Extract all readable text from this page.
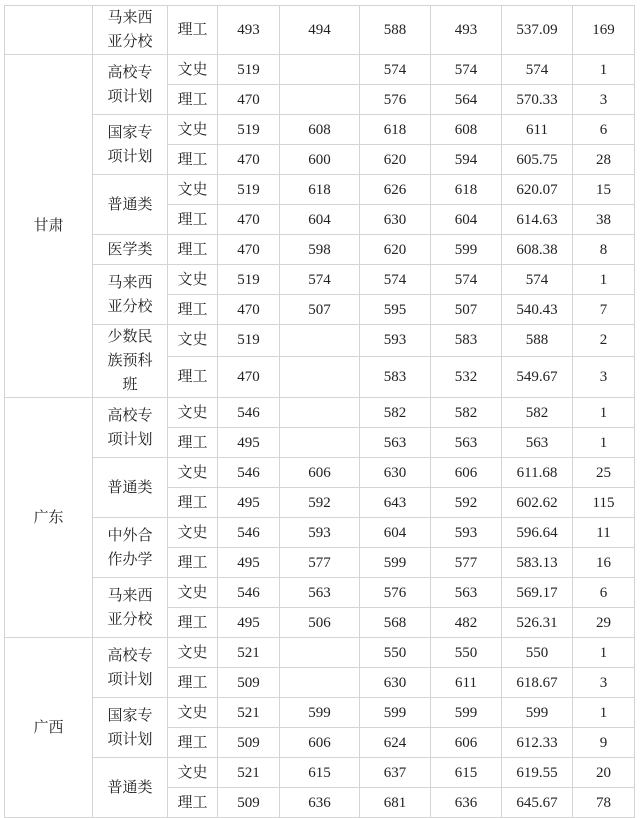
	马来西亚分校	理工	493	494	588	493	537.09	169
甘肃	高校专项计划	文史	519		574	574	574	1
		理工	470		576	564	570.33	3
	国家专项计划	文史	519	608	618	608	611	6
		理工	470	600	620	594	605.75	28
	普通类	文史	519	618	626	618	620.07	15
		理工	470	604	630	604	614.63	38
	医学类	理工	470	598	620	599	608.38	8
	马来西亚分校	文史	519	574	574	574	574	1
		理工	470	507	595	507	540.43	7
	少数民族预科班	文史	519		593	583	588	2
		理工	470		583	532	549.67	3
广东	高校专项计划	文史	546		582	582	582	1
		理工	495		563	563	563	1
	普通类	文史	546	606	630	606	611.68	25
		理工	495	592	643	592	602.62	115
	中外合作办学	文史	546	593	604	593	596.64	11
		理工	495	577	599	577	583.13	16
	马来西亚分校	文史	546	563	576	563	569.17	6
		理工	495	506	568	482	526.31	29
广西	高校专项计划	文史	521		550	550	550	1
		理工	509		630	611	618.67	3
	国家专项计划	文史	521	599	599	599	599	1
		理工	509	606	624	606	612.33	9
	普通类	文史	521	615	637	615	619.55	20
		理工	509	636	681	636	645.67	78
